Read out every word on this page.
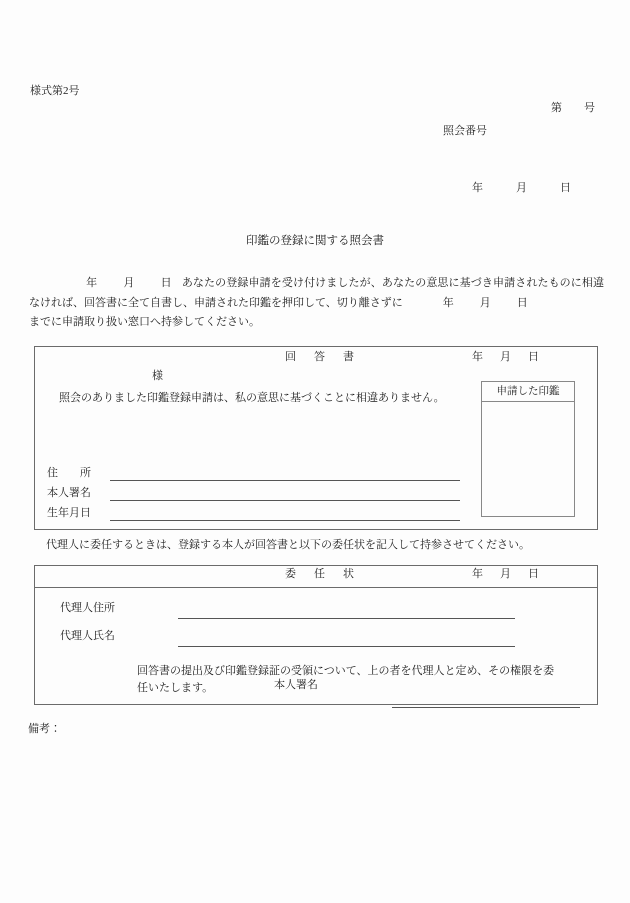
様式第2号
第　　号
照会番号
年　　　月　　　日
印鑑の登録に関する照会書
年 月 日 あなたの登録申請を受け付けましたが、あなたの意思に基づき申請されたものに相違なければ、回答書に全て自書し、申請された印鑑を押印して、切り離さずに	年 月 日
までに申請取り扱い窓口へ持参してください。
回　答　書	年　月　日
様
照会のありました印鑑登録申請は、私の意思に基づくことに相違ありません。
住　　所
本人署名
生年月日
申請した印鑑
代理人に委任するときは、登録する本人が回答書と以下の委任状を記入して持参させてください。
委　任　状	年　月　日
代理人住所
代理人氏名
回答書の提出及び印鑑登録証の受領について、上の者を代理人と定め、その権限を委任いたします。	本人署名
備考：
